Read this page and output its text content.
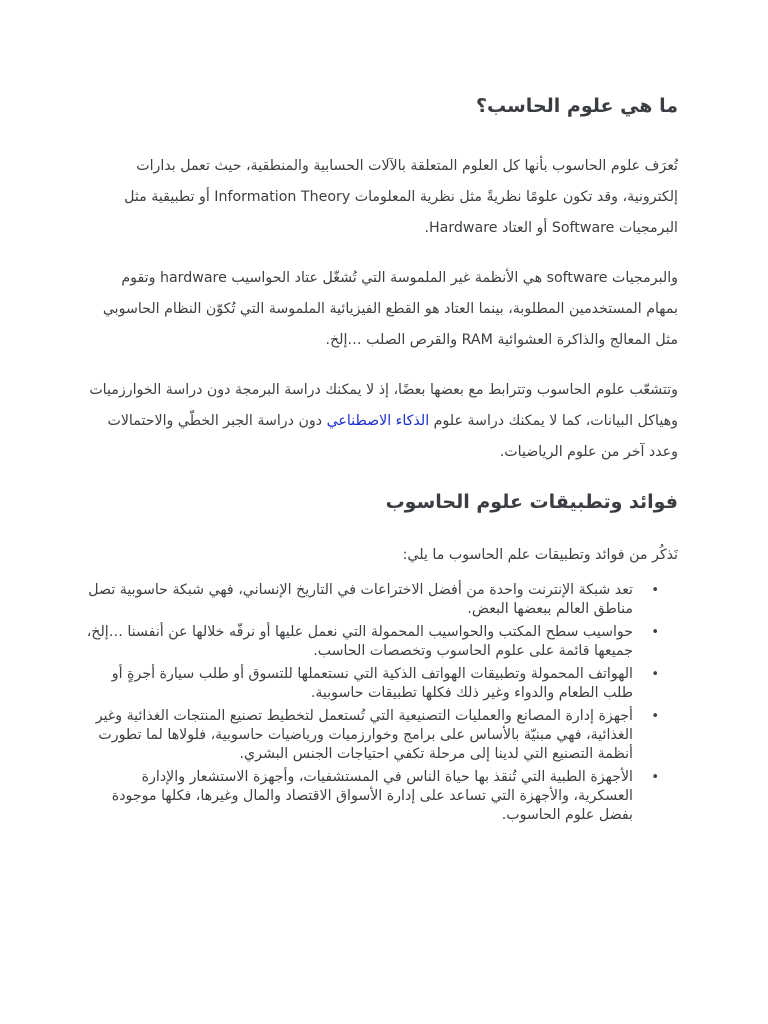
ما هي علوم الحاسب؟

تُعرَف علوم الحاسوب بأنها كل العلوم المتعلقة بالآلات الحسابية والمنطقية، حيث تعمل بدارات إلكترونية، وقد تكون علومًا نظريةً مثل نظرية المعلومات Information Theory أو تطبيقية مثل البرمجيات Software أو العتاد Hardware.

والبرمجيات software هي الأنظمة غير الملموسة التي تُشغّل عتاد الحواسيب hardware وتقوم بمهام المستخدمين المطلوبة، بينما العتاد هو القطع الفيزيائية الملموسة التي تُكوّن النظام الحاسوبي مثل المعالج والذاكرة العشوائية RAM والقرص الصلب …إلخ.

وتتشعّب علوم الحاسوب وتترابط مع بعضها بعضًا، إذ لا يمكنك دراسة البرمجة دون دراسة الخوارزميات وهياكل البيانات، كما لا يمكنك دراسة علوم الذكاء الاصطناعي دون دراسة الجبر الخطّي والاحتمالات وعدد آخر من علوم الرياضيات.

فوائد وتطبيقات علوم الحاسوب

نَذكُر من فوائد وتطبيقات علم الحاسوب ما يلي:

•
تعد شبكة الإنترنت واحدة من أفضل الاختراعات في التاريخ الإنساني، فهي شبكة حاسوبية تصل مناطق العالم ببعضها البعض.
•
حواسيب سطح المكتب والحواسيب المحمولة التي نعمل عليها أو نرفّه خلالها عن أنفسنا …إلخ، جميعها قائمة على علوم الحاسوب وتخصصات الحاسب.
•
الهواتف المحمولة وتطبيقات الهواتف الذكية التي نستعملها للتسوق أو طلب سيارة أجرةٍ أو طلب الطعام والدواء وغير ذلك فكلها تطبيقات حاسوبية.
•
أجهزة إدارة المصانع والعمليات التصنيعية التي تُستعمل لتخطيط تصنيع المنتجات الغذائية وغير الغذائية، فهي مبنيّة بالأساس على برامج وخوارزميات ورياضيات حاسوبية، فلولاها لما تطورت أنظمة التصنيع التي لدينا إلى مرحلة تكفي احتياجات الجنس البشري.
•
الأجهزة الطبية التي تُنقذ بها حياة الناس في المستشفيات، وأجهزة الاستشعار والإدارة العسكرية، والأجهزة التي تساعد على إدارة الأسواق الاقتصاد والمال وغيرها، فكلها موجودة بفضل علوم الحاسوب.
